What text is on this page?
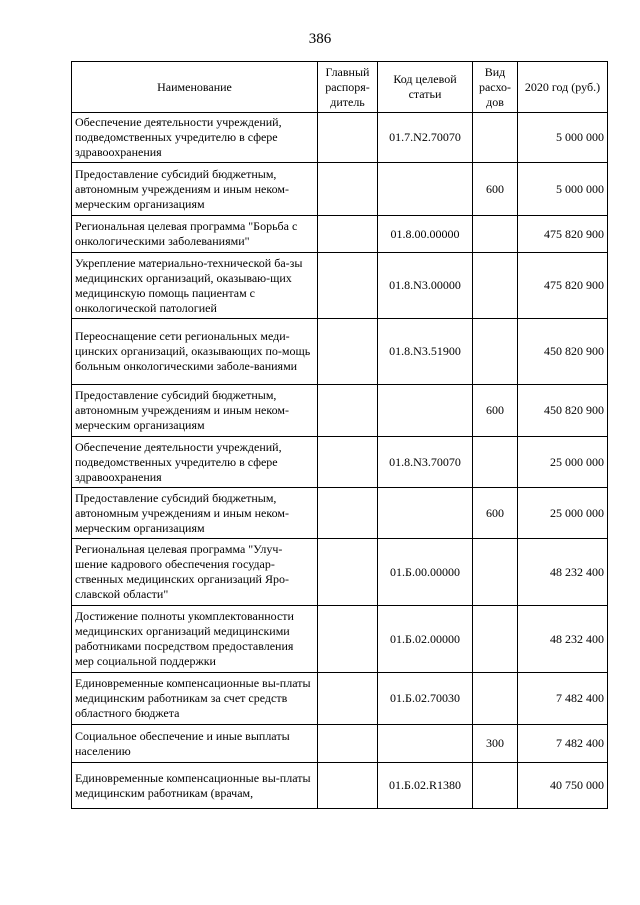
386
Наименование	Главный распоря-дитель	Код целевой статьи	Вид расхо-дов	2020 год (руб.)
Обеспечение деятельности учреждений, подведомственных учредителю в сфере здравоохранения		01.7.N2.70070		5 000 000
Предоставление субсидий бюджетным, автономным учреждениям и иным неком-мерческим организациям			600	5 000 000
Региональная целевая программа "Борьба с онкологическими заболеваниями"		01.8.00.00000		475 820 900
Укрепление материально-технической ба-зы медицинских организаций, оказываю-щих медицинскую помощь пациентам с онкологической патологией		01.8.N3.00000		475 820 900
Переоснащение сети региональных меди-цинских организаций, оказывающих по-мощь больным онкологическими заболе-ваниями		01.8.N3.51900		450 820 900
Предоставление субсидий бюджетным, автономным учреждениям и иным неком-мерческим организациям			600	450 820 900
Обеспечение деятельности учреждений, подведомственных учредителю в сфере здравоохранения		01.8.N3.70070		25 000 000
Предоставление субсидий бюджетным, автономным учреждениям и иным неком-мерческим организациям			600	25 000 000
Региональная целевая программа "Улуч-шение кадрового обеспечения государ-ственных медицинских организаций Яро-славской области"		01.Б.00.00000		48 232 400
Достижение полноты укомплектованности медицинских организаций медицинскими работниками посредством предоставления мер социальной поддержки		01.Б.02.00000		48 232 400
Единовременные компенсационные вы-платы медицинским работникам за счет средств областного бюджета		01.Б.02.70030		7 482 400
Социальное обеспечение и иные выплаты населению			300	7 482 400
Единовременные компенсационные вы-платы медицинским работникам (врачам,		01.Б.02.R1380		40 750 000
